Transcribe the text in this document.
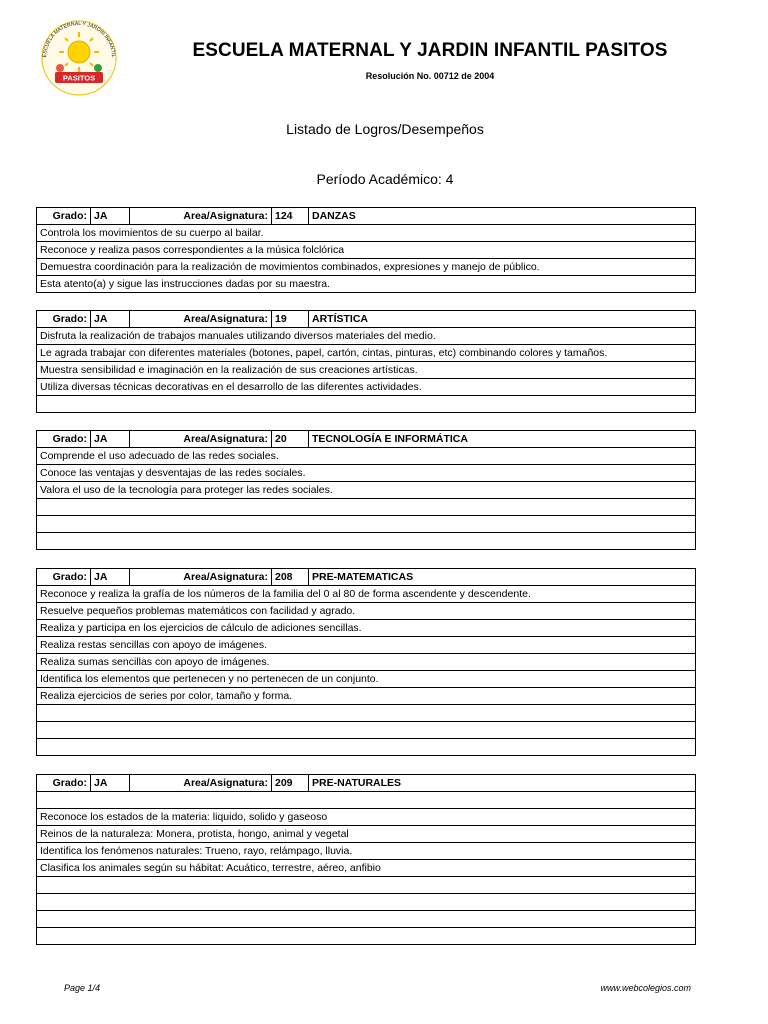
ESCUELA MATERNAL Y JARDIN INFANTIL
PASITOS
ESCUELA MATERNAL Y JARDIN INFANTIL PASITOS
Resolución No. 00712 de 2004
Listado de Logros/Desempeños
Período Académico: 4
Grado:	JA	Area/Asignatura:	124	DANZAS
Controla los movimientos de su cuerpo al bailar.
Reconoce y realiza pasos correspondientes a la música folclórica
Demuestra coordinación para la realización de movimientos combinados, expresiones y manejo de público.
Esta atento(a) y sigue las instrucciones dadas por su maestra.
Grado:	JA	Area/Asignatura:	19	ARTÍSTICA
Disfruta la realización de trabajos manuales utilizando diversos materiales del medio.
Le agrada trabajar con diferentes materiales (botones, papel, cartón, cintas, pinturas, etc) combinando colores y tamaños.
Muestra sensibilidad e imaginación en la realización de sus creaciones artísticas.
Utiliza diversas técnicas decorativas en el desarrollo de las diferentes actividades.

Grado:	JA	Area/Asignatura:	20	TECNOLOGÍA E INFORMÁTICA
Comprende el uso adecuado de las redes sociales.
Conoce las ventajas y desventajas de las redes sociales.
Valora el uso de la tecnología para proteger las redes sociales.

Grado:	JA	Area/Asignatura:	208	PRE-MATEMATICAS
Reconoce y realiza la grafía de los números de la familia del 0 al 80 de forma ascendente y descendente.
Resuelve pequeños problemas matemáticos con facilidad y agrado.
Realiza y participa en los ejercicios de cálculo de adiciones sencillas.
Realiza restas sencillas con apoyo de imágenes.
Realiza sumas sencillas con apoyo de imágenes.
Identifica los elementos que pertenecen y no pertenecen de un conjunto.
Realiza ejercicios de series por color, tamaño y forma.

Grado:	JA	Area/Asignatura:	209	PRE-NATURALES

Reconoce los estados de la materia: liquido, solido y gaseoso
Reinos de la naturaleza: Monera, protista, hongo, animal y vegetal
Identifica los fenómenos naturales: Trueno, rayo, relámpago, lluvia.
Clasifica los animales según su hábitat: Acuático, terrestre, aéreo, anfibio

Page 1/4	www.webcolegios.com
